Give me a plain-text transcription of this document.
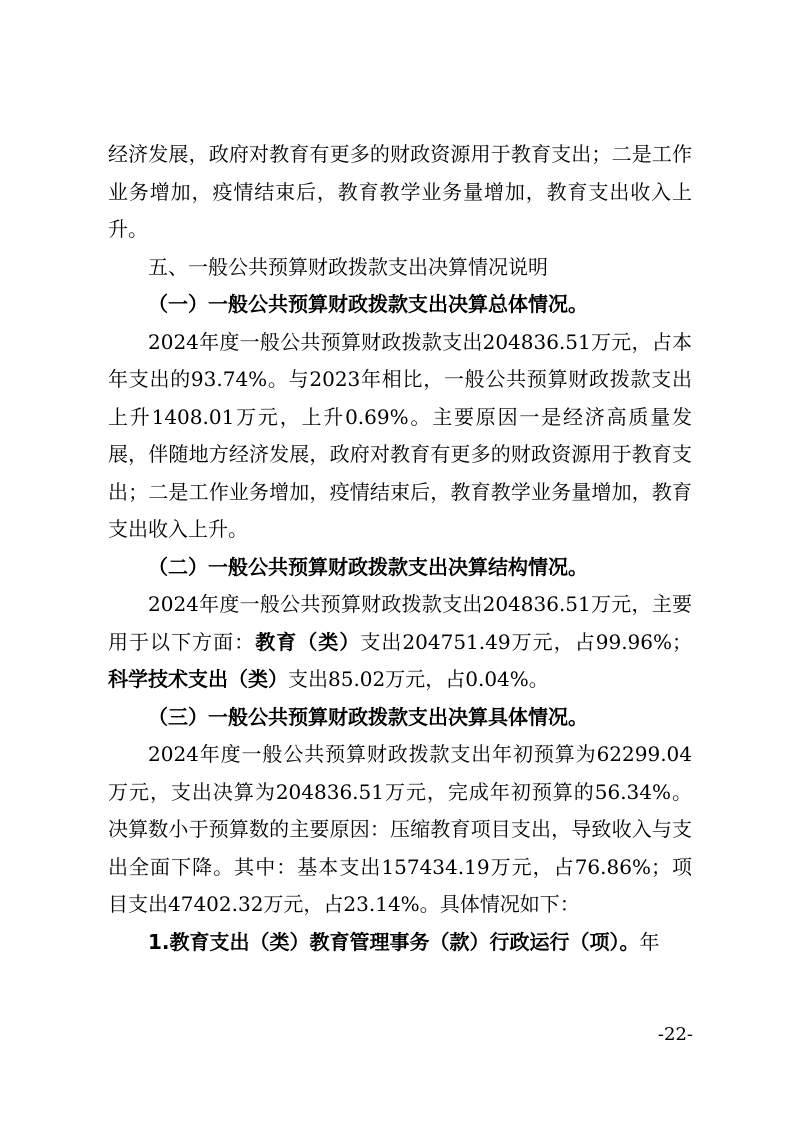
经济发展，政府对教育有更多的财政资源用于教育支出；二是工作业务增加，疫情结束后，教育教学业务量增加，教育支出收入上升。

五、一般公共预算财政拨款支出决算情况说明

（一）一般公共预算财政拨款支出决算总体情况。

2024年度一般公共预算财政拨款支出204836.51万元，占本年支出的93.74%。与2023年相比，一般公共预算财政拨款支出上升1408.01万元，上升0.69%。主要原因一是经济高质量发展，伴随地方经济发展，政府对教育有更多的财政资源用于教育支出；二是工作业务增加，疫情结束后，教育教学业务量增加，教育支出收入上升。

（二）一般公共预算财政拨款支出决算结构情况。

2024年度一般公共预算财政拨款支出204836.51万元，主要用于以下方面：教育（类）支出204751.49万元，占99.96%；科学技术支出（类）支出85.02万元，占0.04%。

（三）一般公共预算财政拨款支出决算具体情况。

2024年度一般公共预算财政拨款支出年初预算为62299.04万元，支出决算为204836.51万元，完成年初预算的56.34%。决算数小于预算数的主要原因：压缩教育项目支出，导致收入与支出全面下降。其中：基本支出157434.19万元，占76.86%；项目支出47402.32万元，占23.14%。具体情况如下：

1.教育支出（类）教育管理事务（款）行政运行（项）。年

-22-
